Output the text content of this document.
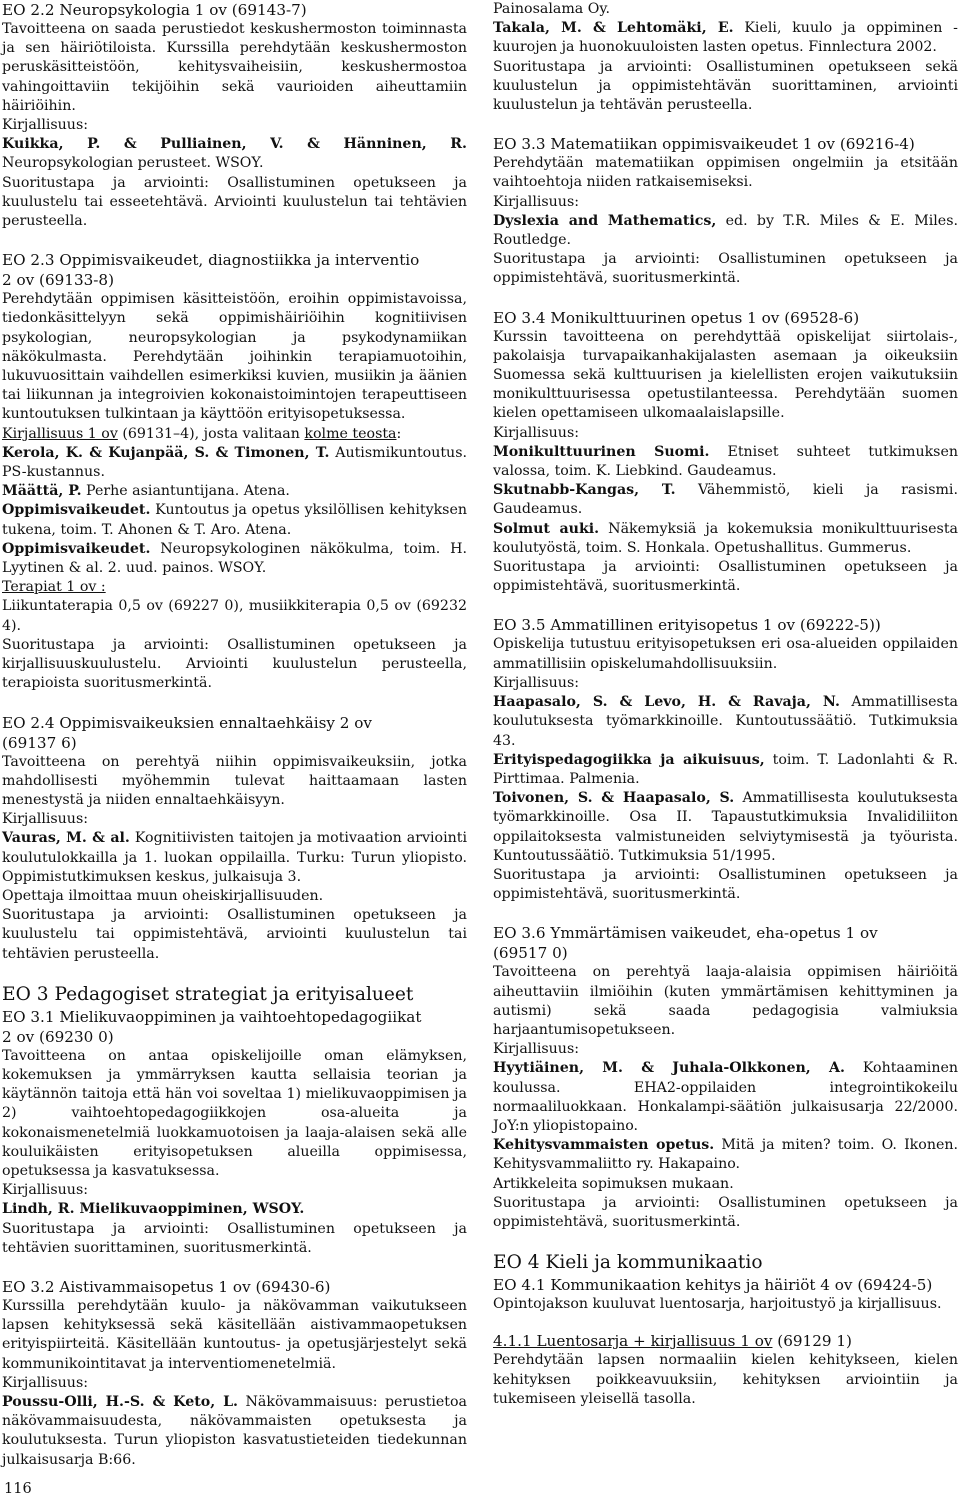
EO 2.2 Neuropsykologia 1 ov (69143-7)

Tavoitteena on saada perustiedot keskushermoston toiminnasta ja sen häiriötiloista. Kurssilla perehdytään keskushermoston peruskäsitteistöön, kehitysvaiheisiin, keskushermostoa vahingoittaviin tekijöihin sekä vaurioiden aiheuttamiin häiriöihin.

Kirjallisuus:

Kuikka, P. & Pulliainen, V. & Hänninen, R. Neuropsykologian perusteet. WSOY.

Suoritustapa ja arviointi: Osallistuminen opetukseen ja kuulustelu tai esseetehtävä. Arviointi kuulustelun tai tehtävien perusteella.

EO 2.3 Oppimisvaikeudet, diagnostiikka ja interventio
2 ov (69133-8)

Perehdytään oppimisen käsitteistöön, eroihin oppimistavoissa, tiedonkäsittelyyn sekä oppimishäiriöihin kognitiivisen psykologian, neuropsykologian ja psykodynamiikan näkökulmasta. Perehdytään joihinkin terapiamuotoihin, lukuvuosittain vaihdellen esimerkiksi kuvien, musiikin ja äänien tai liikunnan ja integroivien kokonaistoimintojen terapeuttiseen kuntoutuksen tulkintaan ja käyttöön erityisopetuksessa.

Kirjallisuus 1 ov (69131–4), josta valitaan kolme teosta:

Kerola, K. & Kujanpää, S. & Timonen, T. Autismikuntoutus. PS-kustannus.

Määttä, P. Perhe asiantuntijana. Atena.

Oppimisvaikeudet. Kuntoutus ja opetus yksilöllisen kehityksen tukena, toim. T. Ahonen & T. Aro. Atena.

Oppimisvaikeudet. Neuropsykologinen näkökulma, toim. H. Lyytinen & al. 2. uud. painos. WSOY.

Terapiat 1 ov :

Liikuntaterapia 0,5 ov (69227 0), musiikkiterapia 0,5 ov (69232 4).

Suoritustapa ja arviointi: Osallistuminen opetukseen ja kirjallisuuskuulustelu. Arviointi kuulustelun perusteella, terapioista suoritusmerkintä.

EO 2.4 Oppimisvaikeuksien ennaltaehkäisy 2 ov
(69137 6)

Tavoitteena on perehtyä niihin oppimisvaikeuksiin, jotka mahdollisesti myöhemmin tulevat haittaamaan lasten menestystä ja niiden ennaltaehkäisyyn.

Kirjallisuus:

Vauras, M. & al. Kognitiivisten taitojen ja motivaation arviointi koulutulokkailla ja 1. luokan oppilailla. Turku: Turun yliopisto. Oppimistutkimuksen keskus, julkaisuja 3.

Opettaja ilmoittaa muun oheiskirjallisuuden.

Suoritustapa ja arviointi: Osallistuminen opetukseen ja kuulustelu tai oppimistehtävä, arviointi kuulustelun tai tehtävien perusteella.

EO 3 Pedagogiset strategiat ja erityisalueet
EO 3.1 Mielikuvaoppiminen ja vaihtoehtopedagogiikat
2 ov (69230 0)

Tavoitteena on antaa opiskelijoille oman elämyksen, kokemuksen ja ymmärryksen kautta sellaisia teorian ja käytännön taitoja että hän voi soveltaa 1) mielikuvaoppimisen ja 2) vaihtoehtopedagogiikkojen osa-alueita ja kokonaismenetelmiä luokkamuotoisen ja laaja-alaisen sekä alle kouluikäisten erityisopetuksen alueilla oppimisessa, opetuksessa ja kasvatuksessa.

Kirjallisuus:

Lindh, R. Mielikuvaoppiminen, WSOY.

Suoritustapa ja arviointi: Osallistuminen opetukseen ja tehtävien suorittaminen, suoritusmerkintä.

EO 3.2 Aistivammaisopetus 1 ov (69430-6)

Kurssilla perehdytään kuulo- ja näkövamman vaikutukseen lapsen kehityksessä sekä käsitellään aistivammaopetuksen erityispiirteitä. Käsitellään kuntoutus- ja opetusjärjestelyt sekä kommunikointitavat ja interventiomenetelmiä.

Kirjallisuus:

Poussu-Olli, H.-S. & Keto, L. Näkövammaisuus: perustietoa näkövammaisuudesta, näkövammaisten opetuksesta ja koulutuksesta. Turun yliopiston kasvatustieteiden tiedekunnan julkaisusarja B:66.

Painosalama Oy.

Takala, M. & Lehtomäki, E. Kieli, kuulo ja oppiminen - kuurojen ja huonokuuloisten lasten opetus. Finnlectura 2002.

Suoritustapa ja arviointi: Osallistuminen opetukseen sekä kuulustelun ja oppimistehtävän suorittaminen, arviointi kuulustelun ja tehtävän perusteella.

EO 3.3 Matematiikan oppimisvaikeudet 1 ov (69216-4)

Perehdytään matematiikan oppimisen ongelmiin ja etsitään vaihtoehtoja niiden ratkaisemiseksi.

Kirjallisuus:

Dyslexia and Mathematics, ed. by T.R. Miles & E. Miles. Routledge.

Suoritustapa ja arviointi: Osallistuminen opetukseen ja oppimistehtävä, suoritusmerkintä.

EO 3.4 Monikulttuurinen opetus 1 ov (69528-6)

Kurssin tavoitteena on perehdyttää opiskelijat siirtolais-, pakolaisja turvapaikanhakijalasten asemaan ja oikeuksiin Suomessa sekä kulttuurisen ja kielellisten erojen vaikutuksiin monikulttuurisessa opetustilanteessa. Perehdytään suomen kielen opettamiseen ulkomaalaislapsille.

Kirjallisuus:

Monikulttuurinen Suomi. Etniset suhteet tutkimuksen valossa, toim. K. Liebkind. Gaudeamus.

Skutnabb-Kangas, T. Vähemmistö, kieli ja rasismi. Gaudeamus.

Solmut auki. Näkemyksiä ja kokemuksia monikulttuurisesta koulutyöstä, toim. S. Honkala. Opetushallitus. Gummerus.

Suoritustapa ja arviointi: Osallistuminen opetukseen ja oppimistehtävä, suoritusmerkintä.

EO 3.5 Ammatillinen erityisopetus 1 ov (69222-5))

Opiskelija tutustuu erityisopetuksen eri osa-alueiden oppilaiden ammatillisiin opiskelumahdollisuuksiin.

Kirjallisuus:

Haapasalo, S. & Levo, H. & Ravaja, N. Ammatillisesta koulutuksesta työmarkkinoille. Kuntoutussäätiö. Tutkimuksia 43.

Erityispedagogiikka ja aikuisuus, toim. T. Ladonlahti & R. Pirttimaa. Palmenia.

Toivonen, S. & Haapasalo, S. Ammatillisesta koulutuksesta työmarkkinoille. Osa II. Tapaustutkimuksia Invalidiliiton oppilaitoksesta valmistuneiden selviytymisestä ja työurista. Kuntoutussäätiö. Tutkimuksia 51/1995.

Suoritustapa ja arviointi: Osallistuminen opetukseen ja oppimistehtävä, suoritusmerkintä.

EO 3.6 Ymmärtämisen vaikeudet, eha-opetus 1 ov
(69517 0)

Tavoitteena on perehtyä laaja-alaisia oppimisen häiriöitä aiheuttaviin ilmiöihin (kuten ymmärtämisen kehittyminen ja autismi) sekä saada pedagogisia valmiuksia harjaantumisopetukseen.

Kirjallisuus:

Hyytiäinen, M. & Juhala-Olkkonen, A. Kohtaaminen koulussa. EHA2-oppilaiden integrointikokeilu normaaliluokkaan. Honkalampi-säätiön julkaisusarja 22/2000. JoY:n yliopistopaino.

Kehitysvammaisten opetus. Mitä ja miten? toim. O. Ikonen. Kehitysvammaliitto ry. Hakapaino.

Artikkeleita sopimuksen mukaan.

Suoritustapa ja arviointi: Osallistuminen opetukseen ja oppimistehtävä, suoritusmerkintä.

EO 4 Kieli ja kommunikaatio
EO 4.1 Kommunikaation kehitys ja häiriöt 4 ov (69424-5)

Opintojakson kuuluvat luentosarja, harjoitustyö ja kirjallisuus.

4.1.1 Luentosarja + kirjallisuus 1 ov (69129 1)

Perehdytään lapsen normaaliin kielen kehitykseen, kielen kehityksen poikkeavuuksiin, kehityksen arviointiin ja tukemiseen yleisellä tasolla.

116
